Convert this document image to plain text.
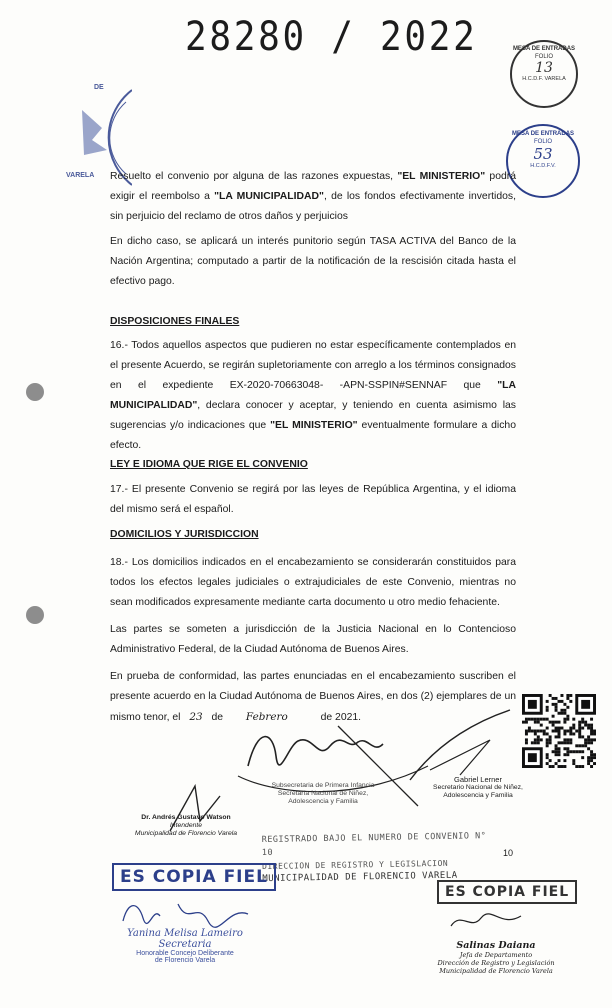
28280 / 2022
DE
VARELA
MESA DE ENTRADAS
FOLIO
13
H.C.D.F. VARELA
MESA DE ENTRADAS
FOLIO
53
H.C.D.F.V.
Resuelto el convenio por alguna de las razones expuestas, "EL MINISTERIO" podrá exigir el reembolso a "LA MUNICIPALIDAD", de los fondos efectivamente invertidos, sin perjuicio del reclamo de otros daños y perjuicios
En dicho caso, se aplicará un interés punitorio según TASA ACTIVA del Banco de la Nación Argentina; computado a partir de la notificación de la rescisión citada hasta el efectivo pago.
DISPOSICIONES FINALES
16.- Todos aquellos aspectos que pudieren no estar específicamente contemplados en el presente Acuerdo, se regirán supletoriamente con arreglo a los términos consignados en el expediente EX-2020-70663048- -APN-SSPIN#SENNAF que "LA MUNICIPALIDAD", declara conocer y aceptar, y teniendo en cuenta asimismo las sugerencias y/o indicaciones que "EL MINISTERIO" eventualmente formulare a dicho efecto.
LEY E IDIOMA QUE RIGE EL CONVENIO
17.- El presente Convenio se regirá por las leyes de República Argentina, y el idioma del mismo será el español.
DOMICILIOS Y JURISDICCION
18.- Los domicilios indicados en el encabezamiento se considerarán constituidos para todos los efectos legales judiciales o extrajudiciales de este Convenio, mientras no sean modificados expresamente mediante carta documento u otro medio fehaciente.
Las partes se someten a jurisdicción de la Justicia Nacional en lo Contencioso Administrativo Federal, de la Ciudad Autónoma de Buenos Aires.
En prueba de conformidad, las partes enunciadas en el encabezamiento suscriben el presente acuerdo en la Ciudad Autónoma de Buenos Aires, en dos (2) ejemplares de un mismo tenor, el 23 de Febrero	de 2021.
Subsecretaria de Primera Infancia
Secretaría Nacional de Niñez, Adolescencia y Familia
Gabriel Lerner
Secretario Nacional de Niñez,
Adolescencia y Familia
Dr. Andrés Gustavo Watson
Intendente
Municipalidad de Florencio Varela	REGISTRADO BAJO EL NUMERO DE CONVENIO N° 10
DIRECCION DE REGISTRO Y LEGISLACION
MUNICIPALIDAD DE FLORENCIO VARELA
10
ES COPIA FIEL
ES COPIA FIEL
Yanina Melisa Lameiro
Secretaria
Honorable Concejo Deliberante
de Florencio Varela
Salinas Daiana
Jefa de Departamento
Dirección de Registro y Legislación
Municipalidad de Florencio Varela
